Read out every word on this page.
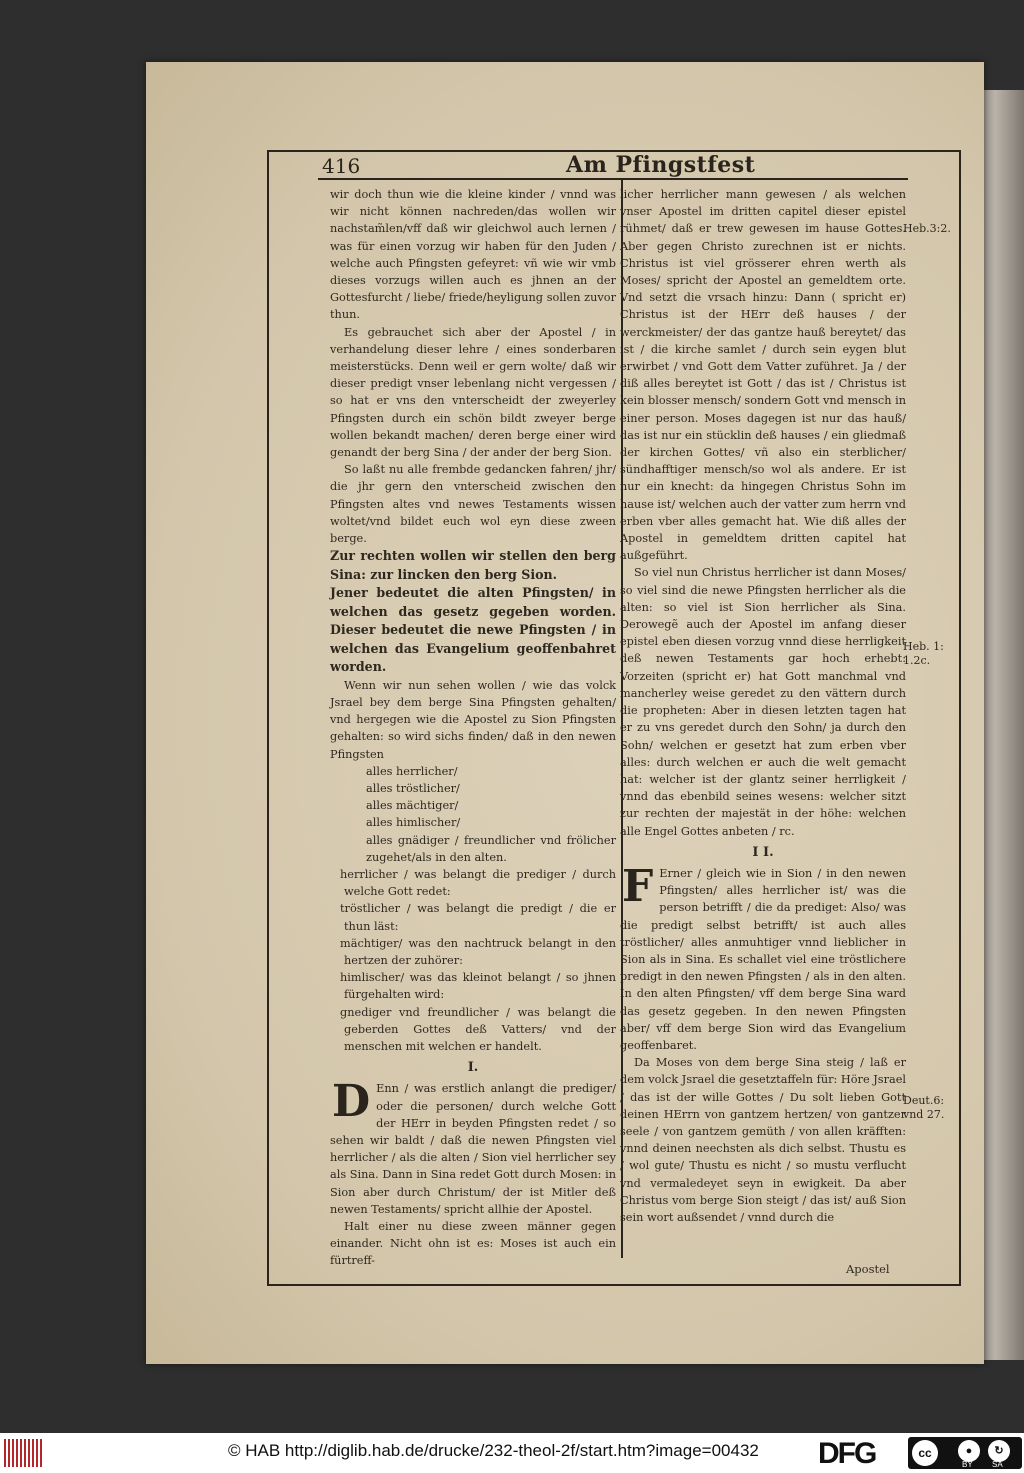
416	Am Pfingstfest

wir doch thun wie die kleine kinder / vnnd was wir nicht können nachreden/das wollen wir nachstam̃len/vff daß wir gleichwol auch lernen / was für einen vorzug wir haben für den Juden / welche auch Pfingsten gefeyret: vñ wie wir vmb dieses vorzugs willen auch es jhnen an der Gottesfurcht / liebe/ friede/heyligung sollen zuvor thun.

Es gebrauchet sich aber der Apostel / in verhandelung dieser lehre / eines sonderbaren meisterstücks. Denn weil er gern wolte/ daß wir dieser predigt vnser lebenlang nicht vergessen / so hat er vns den vnterscheidt der zweyerley Pfingsten durch ein schön bildt zweyer berge wollen bekandt machen/ deren berge einer wird genandt der berg Sina / der ander der berg Sion.

So laßt nu alle frembde gedancken fahren/ jhr/ die jhr gern den vnterscheid zwischen den Pfingsten altes vnd newes Testaments wissen woltet/vnd bildet euch wol eyn diese zween berge.

Zur rechten wollen wir stellen den berg Sina: zur lincken den berg Sion.

Jener bedeutet die alten Pfingsten/ in welchen das gesetz gegeben worden. Dieser bedeutet die newe Pfingsten / in welchen das Evangelium geoffenbahret worden.

Wenn wir nun sehen wollen / wie das volck Jsrael bey dem berge Sina Pfingsten gehalten/ vnd hergegen wie die Apostel zu Sion Pfingsten gehalten: so wird sichs finden/ daß in den newen Pfingsten

alles herrlicher/

alles tröstlicher/

alles mächtiger/

alles himlischer/

alles gnädiger / freundlicher vnd frölicher zugehet/als in den alten.

herrlicher / was belangt die prediger / durch welche Gott redet:

tröstlicher / was belangt die predigt / die er thun läst:

mächtiger/ was den nachtruck belangt in den hertzen der zuhörer:

himlischer/ was das kleinot belangt / so jhnen fürgehalten wird:

gnediger vnd freundlicher / was belangt die geberden Gottes deß Vatters/ vnd der menschen mit welchen er handelt.

I.

D Enn / was erstlich anlangt die prediger/ oder die personen/ durch welche Gott der HErr in beyden Pfingsten redet / so sehen wir baldt / daß die newen Pfingsten viel herrlicher / als die alten / Sion viel herrlicher sey als Sina. Dann in Sina redet Gott durch Mosen: in Sion aber durch Christum/ der ist Mitler deß newen Testaments/ spricht allhie der Apostel.

Halt einer nu diese zween männer gegen einander. Nicht ohn ist es: Moses ist auch ein fürtreff-

licher herrlicher mann gewesen / als welchen vnser Apostel im dritten capitel dieser epistel rühmet/ daß er trew gewesen im hause Gottes. Aber gegen Christo zurechnen ist er nichts. Christus ist viel grösserer ehren werth als Moses/ spricht der Apostel an gemeldtem orte. Vnd setzt die vrsach hinzu: Dann ( spricht er) Christus ist der HErr deß hauses / der werckmeister/ der das gantze hauß bereytet/ das ist / die kirche samlet / durch sein eygen blut erwirbet / vnd Gott dem Vatter zuführet. Ja / der diß alles bereytet ist Gott / das ist / Christus ist kein blosser mensch/ sondern Gott vnd mensch in einer person. Moses dagegen ist nur das hauß/ das ist nur ein stücklin deß hauses / ein gliedmaß der kirchen Gottes/ vñ also ein sterblicher/ sündhafftiger mensch/so wol als andere. Er ist nur ein knecht: da hingegen Christus Sohn im hause ist/ welchen auch der vatter zum herrn vnd erben vber alles gemacht hat. Wie diß alles der Apostel in gemeldtem dritten capitel hat außgeführt.

So viel nun Christus herrlicher ist dann Moses/ so viel sind die newe Pfingsten herrlicher als die alten: so viel ist Sion herrlicher als Sina. Derowegẽ auch der Apostel im anfang dieser epistel eben diesen vorzug vnnd diese herrligkeit deß newen Testaments gar hoch erhebt: Vorzeiten (spricht er) hat Gott manchmal vnd mancherley weise geredet zu den vättern durch die propheten: Aber in diesen letzten tagen hat er zu vns geredet durch den Sohn/ ja durch den Sohn/ welchen er gesetzt hat zum erben vber alles: durch welchen er auch die welt gemacht hat: welcher ist der glantz seiner herrligkeit / vnnd das ebenbild seines wesens: welcher sitzt zur rechten der majestät in der höhe: welchen alle Engel Gottes anbeten / rc.

I I.

F Erner / gleich wie in Sion / in den newen Pfingsten/ alles herrlicher ist/ was die person betrifft / die da prediget: Also/ was die predigt selbst betrifft/ ist auch alles tröstlicher/ alles anmuhtiger vnnd lieblicher in Sion als in Sina. Es schallet viel eine tröstlichere predigt in den newen Pfingsten / als in den alten. In den alten Pfingsten/ vff dem berge Sina ward das gesetz gegeben. In den newen Pfingsten aber/ vff dem berge Sion wird das Evangelium geoffenbaret.

Da Moses von dem berge Sina steig / laß er dem volck Jsrael die gesetztaffeln für: Höre Jsrael / das ist der wille Gottes / Du solt lieben Gott deinen HErrn von gantzem hertzen/ von gantzer seele / von gantzem gemüth / von allen kräfften: vnnd deinen neechsten als dich selbst. Thustu es / wol gute/ Thustu es nicht / so mustu verflucht vnd vermaledeyet seyn in ewigkeit. Da aber Christus vom berge Sion steigt / das ist/ auß Sion sein wort außsendet / vnnd durch die

Heb.3:2.
Heb. 1: 1.2c.
Deut.6: vnd 27.
Apostel
© HAB http://diglib.hab.de/drucke/232-theol-2f/start.htm?image=00432 DFG	cc	●	↻
BY SA
